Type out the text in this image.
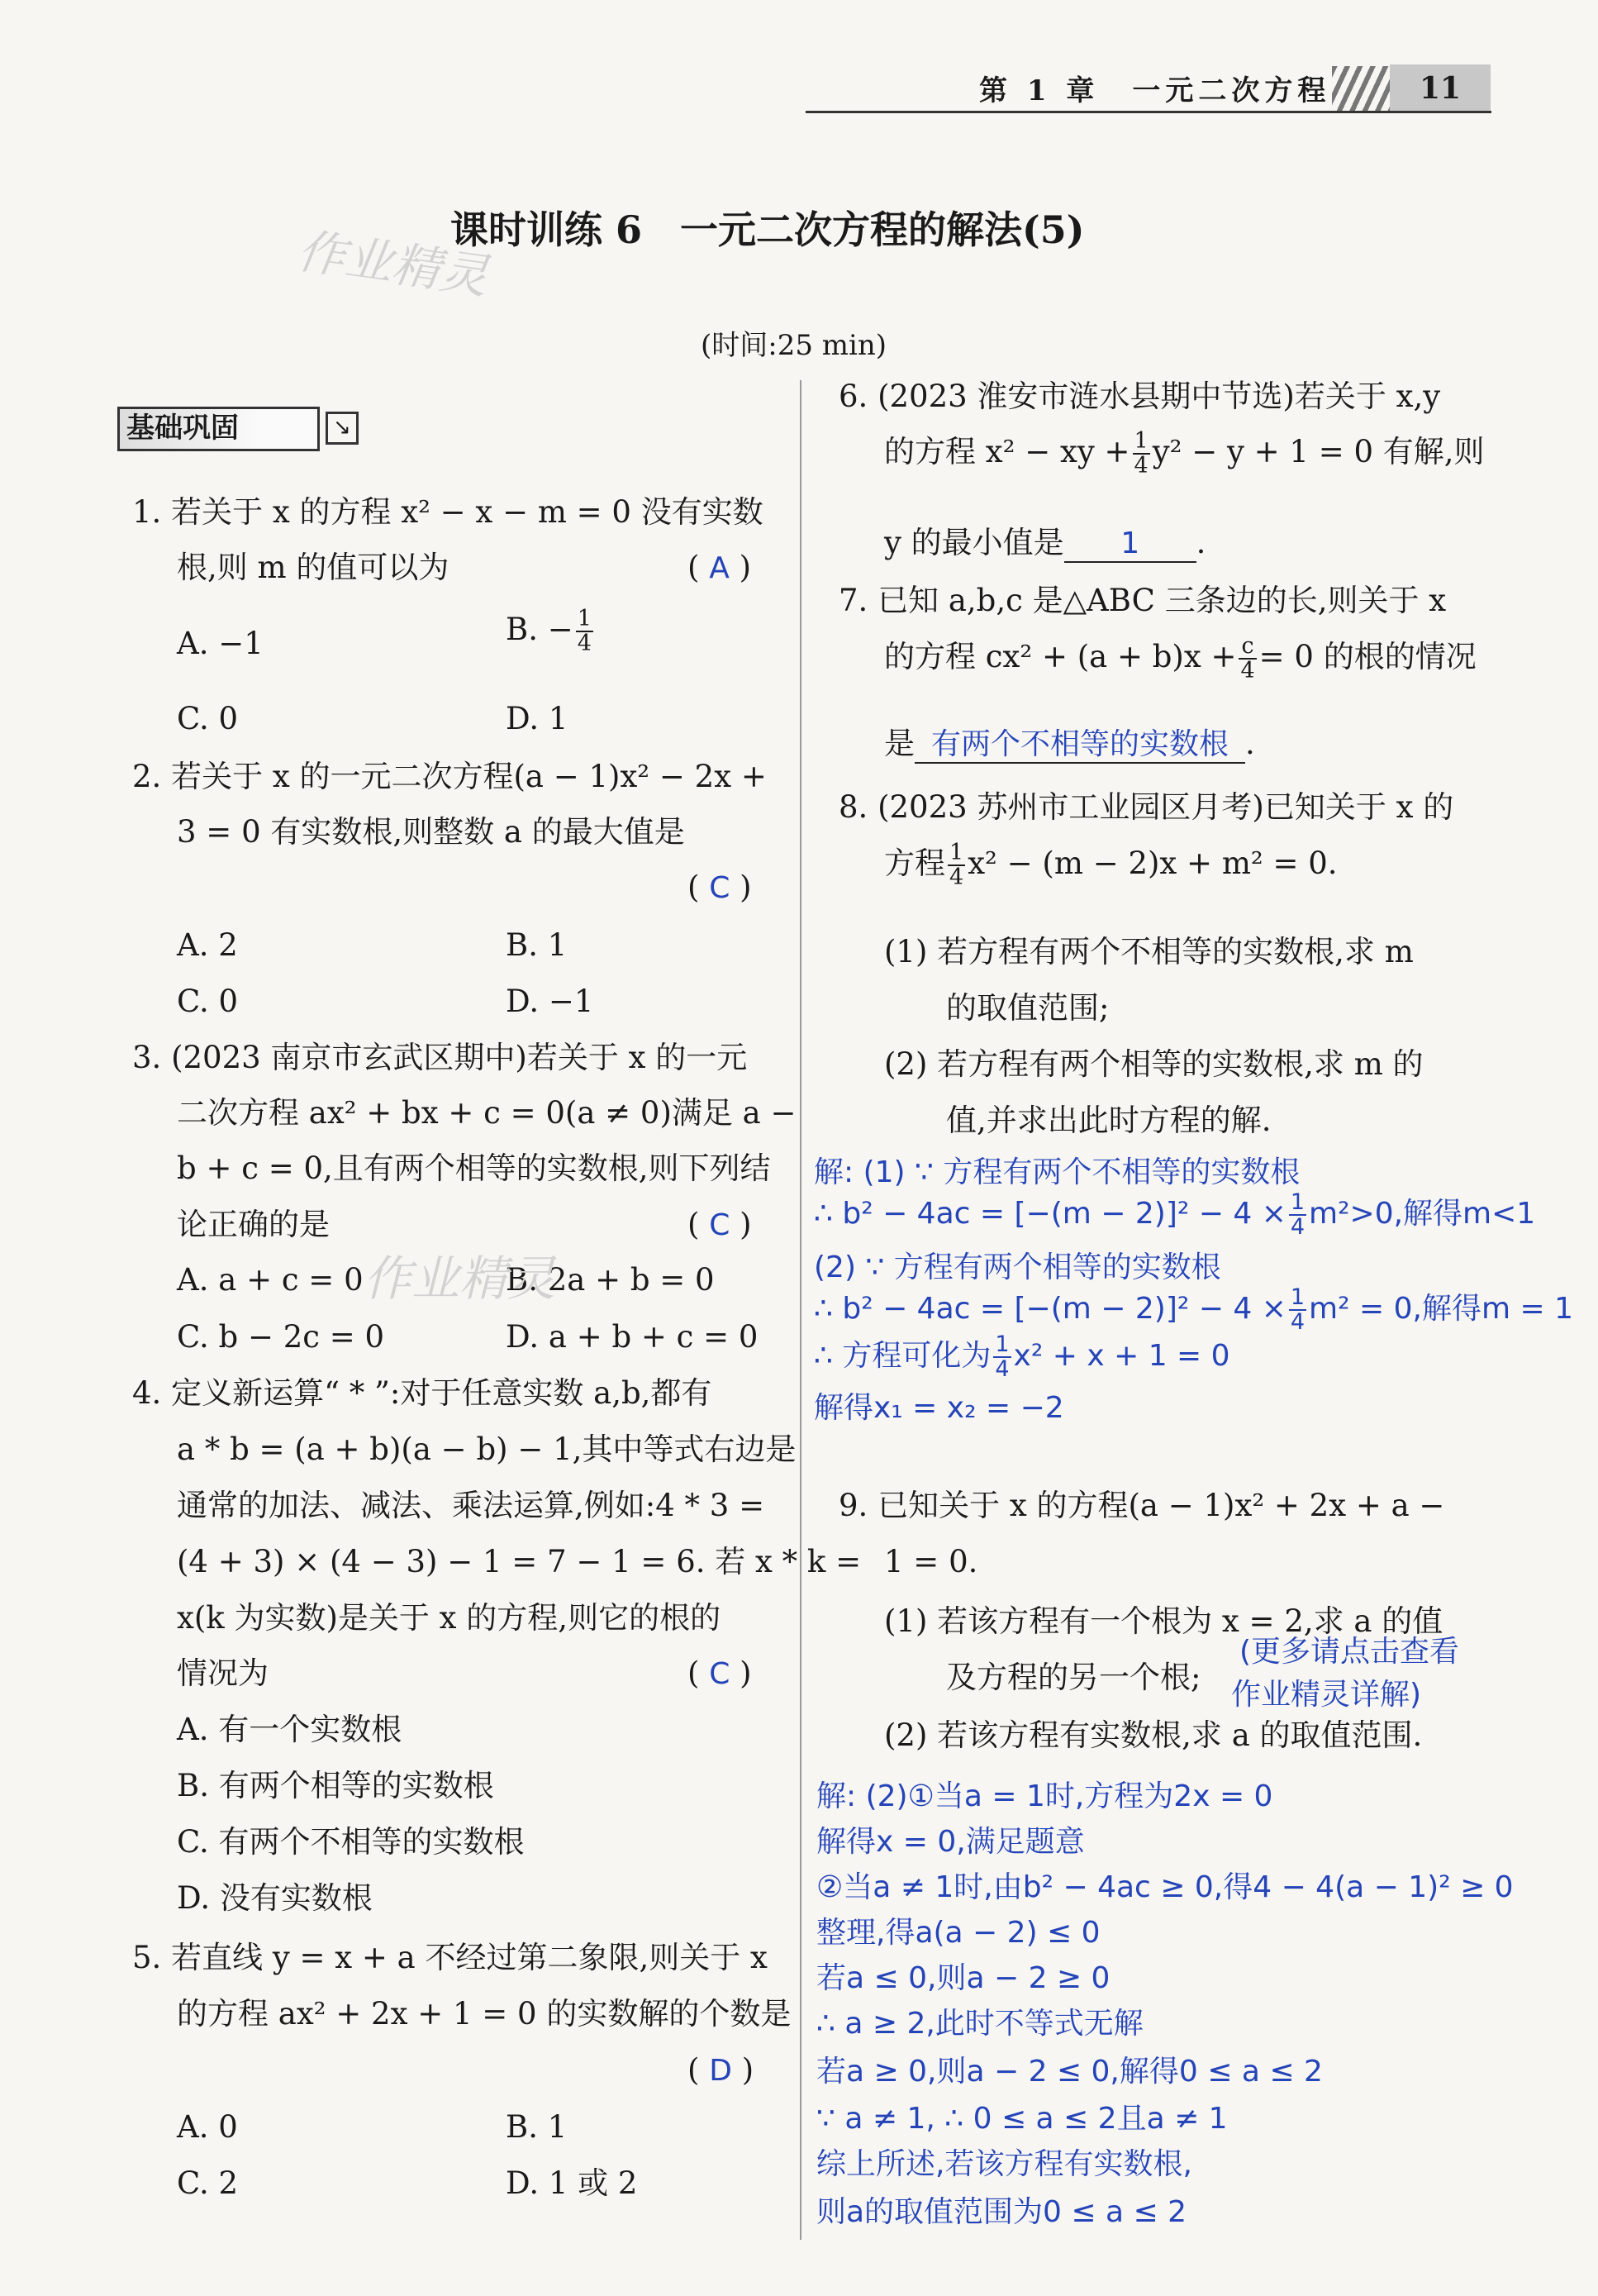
第 1 章　一元二次方程	11
课时训练 6　一元二次方程的解法(5)
作业精灵
(时间:25 min)
基础巩固	↘
1. 若关于 x 的方程 x² − x − m = 0 没有实数
根,则 m 的值可以为	( A )
A. −1	B. − $\frac{1}{4}$
C. 0	D. 1
2. 若关于 x 的一元二次方程(a − 1)x² − 2x +
3 = 0 有实数根,则整数 a 的最大值是
( C )
A. 2	B. 1
C. 0	D. −1
3. (2023 南京市玄武区期中)若关于 x 的一元
二次方程 ax² + bx + c = 0(a ≠ 0)满足 a −
b + c = 0,且有两个相等的实数根,则下列结
论正确的是	( C )
A. a + c = 0	B. 2a + b = 0
作业精灵
C. b − 2c = 0	D. a + b + c = 0
4. 定义新运算“ * ”:对于任意实数 a,b,都有
a * b = (a + b)(a − b) − 1,其中等式右边是
通常的加法、减法、乘法运算,例如:4 * 3 =
(4 + 3) × (4 − 3) − 1 = 7 − 1 = 6. 若 x * k =
x(k 为实数)是关于 x 的方程,则它的根的
情况为	( C )
A. 有一个实数根
B. 有两个相等的实数根
C. 有两个不相等的实数根
D. 没有实数根
5. 若直线 y = x + a 不经过第二象限,则关于 x
的方程 ax² + 2x + 1 = 0 的实数解的个数是
( D )
A. 0	B. 1
C. 2	D. 1 或 2
6. (2023 淮安市涟水县期中节选)若关于 x,y
的方程 x² − xy + $\frac{1}{4} y^2 - y + 1 = 0$ 有解,则
y 的最小值是 1 .
7. 已知 a,b,c 是△ABC 三条边的长,则关于 x
的方程 $cx^2 + (a + b)x + \frac{c}{4} = 0$ 的根的情况
是 有两个不相等的实数根 .
8. (2023 苏州市工业园区月考)已知关于 x 的
方程 $\frac{1}{4} x^2 - (m - 2)x + m^2 = 0$.
(1) 若方程有两个不相等的实数根,求 m
的取值范围;
(2) 若方程有两个相等的实数根,求 m 的
值,并求出此时方程的解.
解: (1) ∵ 方程有两个不相等的实数根
∴ $b^2 - 4ac = [-(m - 2)]^2 - 4 \times \frac{1}{4} m^2>0$,解得m<1
(2) ∵ 方程有两个相等的实数根
∴ $b^2 - 4ac = [-(m - 2)]^2 - 4 \times \frac{1}{4} m^2 = 0$,解得m = 1
∴ 方程可化为 $\frac{1}{4} x^2 + x + 1 = 0$
解得x₁ = x₂ = −2
9. 已知关于 x 的方程(a − 1)x² + 2x + a −
1 = 0.
(1) 若该方程有一个根为 x = 2,求 a 的值
及方程的另一个根;
(更多请点击查看
作业精灵详解)
(2) 若该方程有实数根,求 a 的取值范围.
解: (2)①当a = 1时,方程为2x = 0
解得x = 0,满足题意
②当a ≠ 1时,由b² − 4ac ≥ 0,得4 − 4(a − 1)² ≥ 0
整理,得a(a − 2) ≤ 0
若a ≤ 0,则a − 2 ≥ 0
∴ a ≥ 2,此时不等式无解
若a ≥ 0,则a − 2 ≤ 0,解得0 ≤ a ≤ 2
∵ a ≠ 1, ∴ 0 ≤ a ≤ 2且a ≠ 1
综上所述,若该方程有实数根,
则a的取值范围为0 ≤ a ≤ 2
